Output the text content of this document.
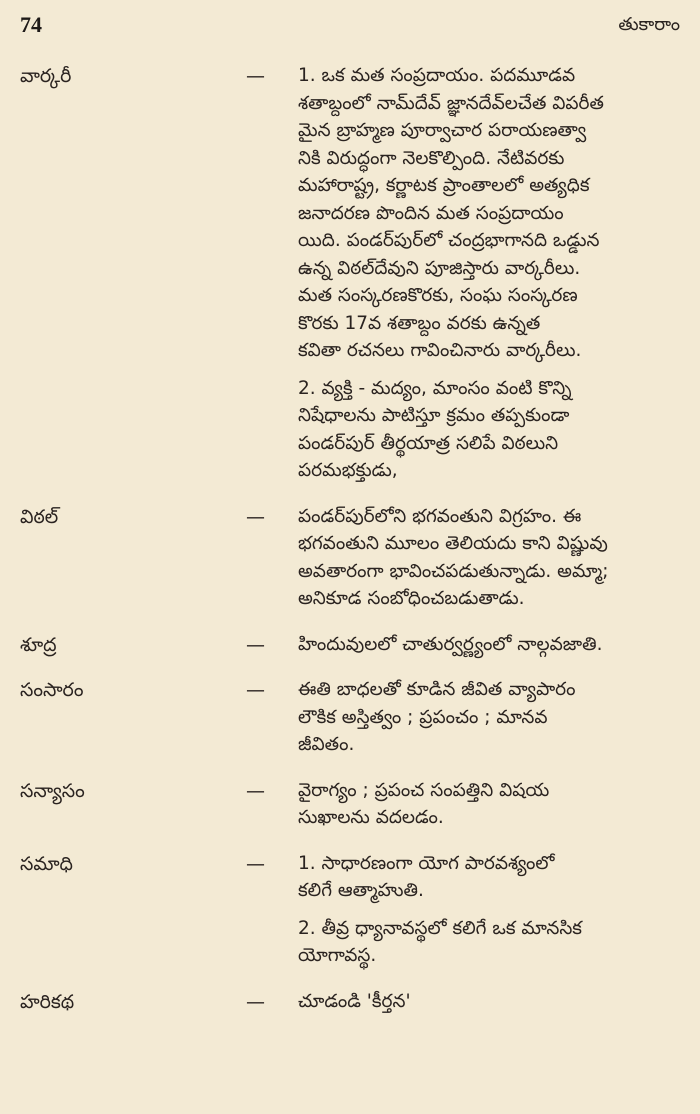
74	తుకారాం
వార్కరీ	— 1. ఒక మత సంప్రదాయం. పదమూడవ
శతాబ్దంలో నామ్‌దేవ్ జ్ఞానదేవ్‌లచేత విపరీత
మైన బ్రాహ్మణ పూర్వాచార పరాయణత్వా
నికి విరుద్ధంగా నెలకొల్పింది. నేటివరకు
మహారాష్ట్ర, కర్ణాటక ప్రాంతాలలో అత్యధిక
జనాదరణ పొందిన మత సంప్రదాయం
యిది. పండర్‌పుర్‌లో చంద్రభాగానది ఒడ్డున
ఉన్న విఠల్‌దేవుని పూజిస్తారు వార్కరీలు.
మత సంస్కరణకొరకు, సంఘ సంస్కరణ
కొరకు 17వ శతాబ్దం వరకు ఉన్నత
కవితా రచనలు గావించినారు వార్కరీలు.

2. వ్యక్తి - మద్యం, మాంసం వంటి కొన్ని
నిషేధాలను పాటిస్తూ క్రమం తప్పకుండా
పండర్‌పుర్ తీర్థయాత్ర సలిపే విఠలుని
పరమభక్తుడు,

విఠల్	— పండర్‌పుర్‌లోని భగవంతుని విగ్రహం. ఈ
భగవంతుని మూలం తెలియదు కాని విష్ణువు
అవతారంగా భావించపడుతున్నాడు. అమ్మా;
అనికూడ సంబోధించబడుతాడు.

శూద్ర	— హిందువులలో చాతుర్వర్ణ్యంలో నాల్గవజాతి.

సంసారం	— ఈతి బాధలతో కూడిన జీవిత వ్యాపారం
లౌకిక అస్తిత్వం ; ప్రపంచం ; మానవ
జీవితం.

సన్యాసం	— వైరాగ్యం ; ప్రపంచ సంపత్తిని విషయ
సుఖాలను వదలడం.

సమాధి	— 1. సాధారణంగా యోగ పారవశ్యంలో
కలిగే ఆత్మాహుతి.

2. తీవ్ర ధ్యానావస్థలో కలిగే ఒక మానసిక
యోగావస్థ.

హరికథ	— చూడండి 'కీర్తన'
